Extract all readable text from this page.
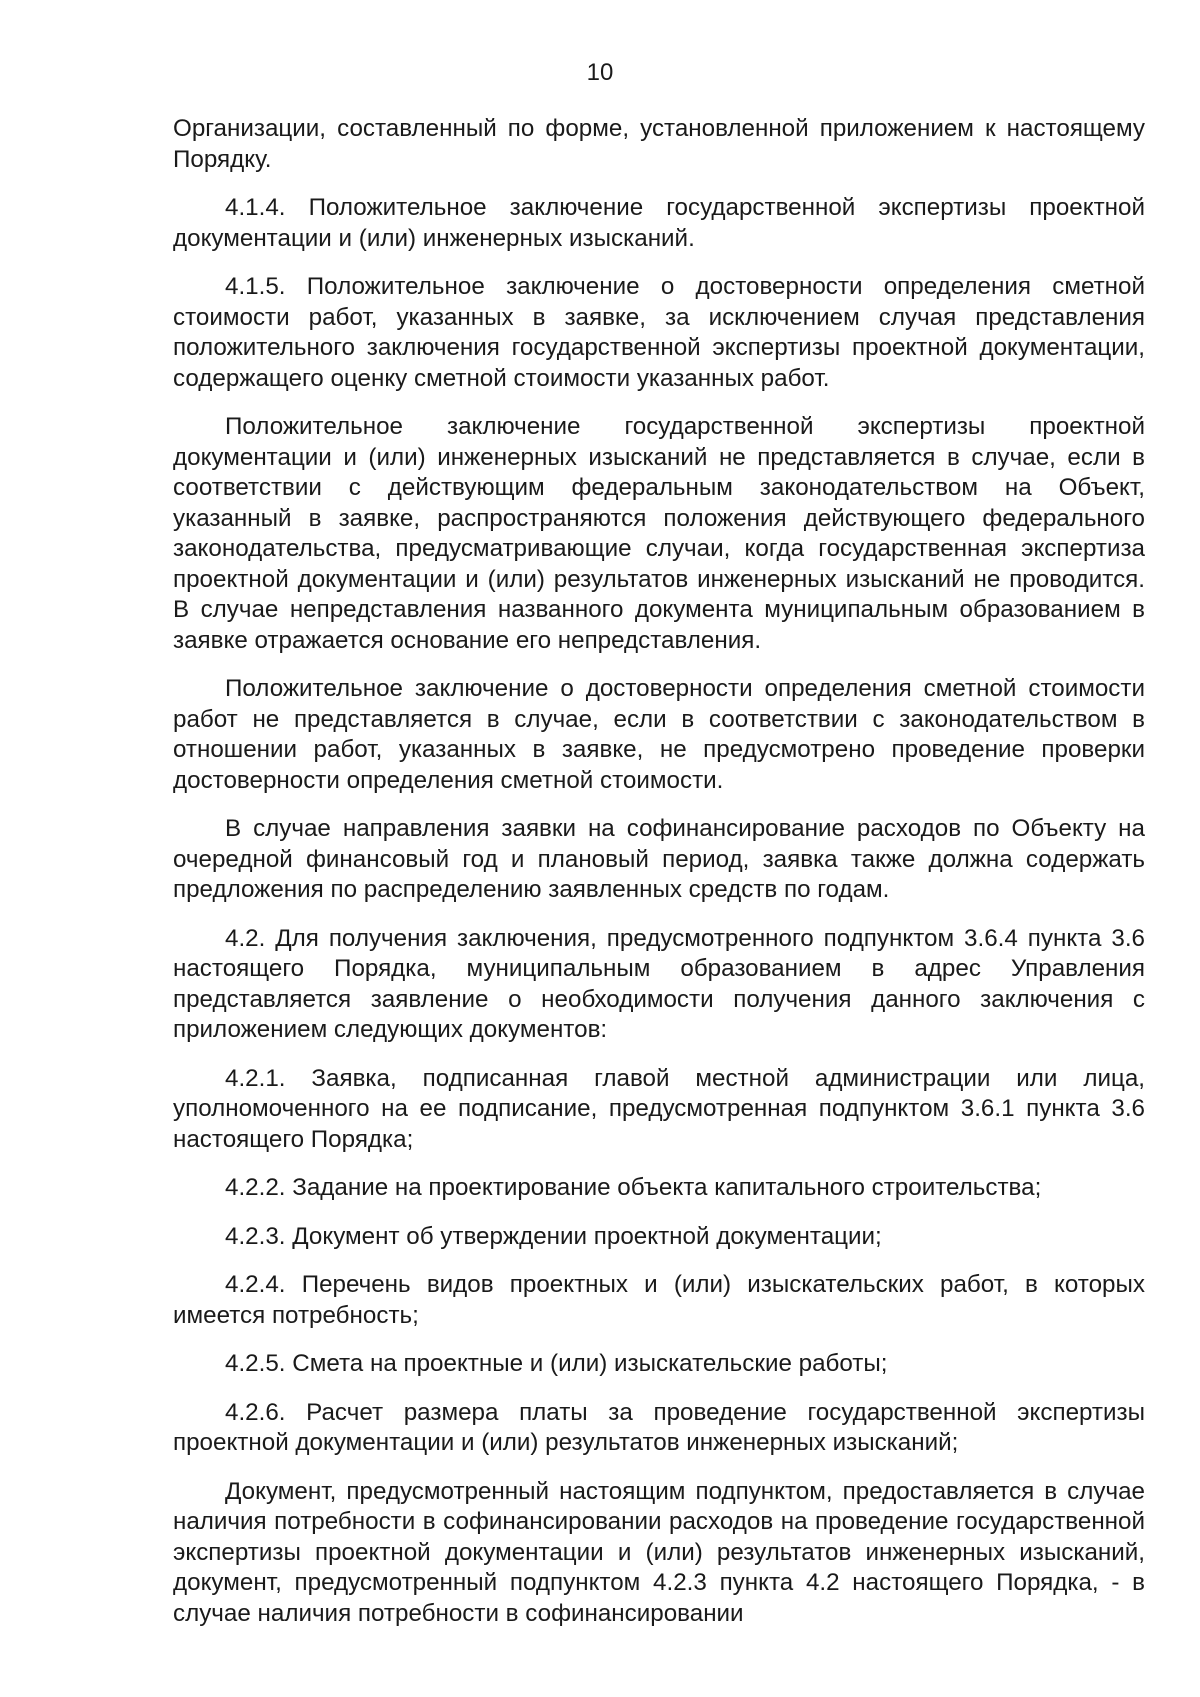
10

Организации, составленный по форме, установленной приложением к настоящему Порядку.

4.1.4. Положительное заключение государственной экспертизы проектной документации и (или) инженерных изысканий.

4.1.5. Положительное заключение о достоверности определения сметной стоимости работ, указанных в заявке, за исключением случая представления положительного заключения государственной экспертизы проектной документации, содержащего оценку сметной стоимости указанных работ.

Положительное заключение государственной экспертизы проектной документации и (или) инженерных изысканий не представляется в случае, если в соответствии с действующим федеральным законодательством на Объект, указанный в заявке, распространяются положения действующего федерального законодательства, предусматривающие случаи, когда государственная экспертиза проектной документации и (или) результатов инженерных изысканий не проводится. В случае непредставления названного документа муниципальным образованием в заявке отражается основание его непредставления.

Положительное заключение о достоверности определения сметной стоимости работ не представляется в случае, если в соответствии с законодательством в отношении работ, указанных в заявке, не предусмотрено проведение проверки достоверности определения сметной стоимости.

В случае направления заявки на софинансирование расходов по Объекту на очередной финансовый год и плановый период, заявка также должна содержать предложения по распределению заявленных средств по годам.

4.2. Для получения заключения, предусмотренного подпунктом 3.6.4 пункта 3.6 настоящего Порядка, муниципальным образованием в адрес Управления представляется заявление о необходимости получения данного заключения с приложением следующих документов:

4.2.1. Заявка, подписанная главой местной администрации или лица, уполномоченного на ее подписание, предусмотренная подпунктом 3.6.1 пункта 3.6 настоящего Порядка;

4.2.2. Задание на проектирование объекта капитального строительства;

4.2.3. Документ об утверждении проектной документации;

4.2.4. Перечень видов проектных и (или) изыскательских работ, в которых имеется потребность;

4.2.5. Смета на проектные и (или) изыскательские работы;

4.2.6. Расчет размера платы за проведение государственной экспертизы проектной документации и (или) результатов инженерных изысканий;

Документ, предусмотренный настоящим подпунктом, предоставляется в случае наличия потребности в софинансировании расходов на проведение государственной экспертизы проектной документации и (или) результатов инженерных изысканий, документ, предусмотренный подпунктом 4.2.3 пункта 4.2 настоящего Порядка, - в случае наличия потребности в софинансировании
